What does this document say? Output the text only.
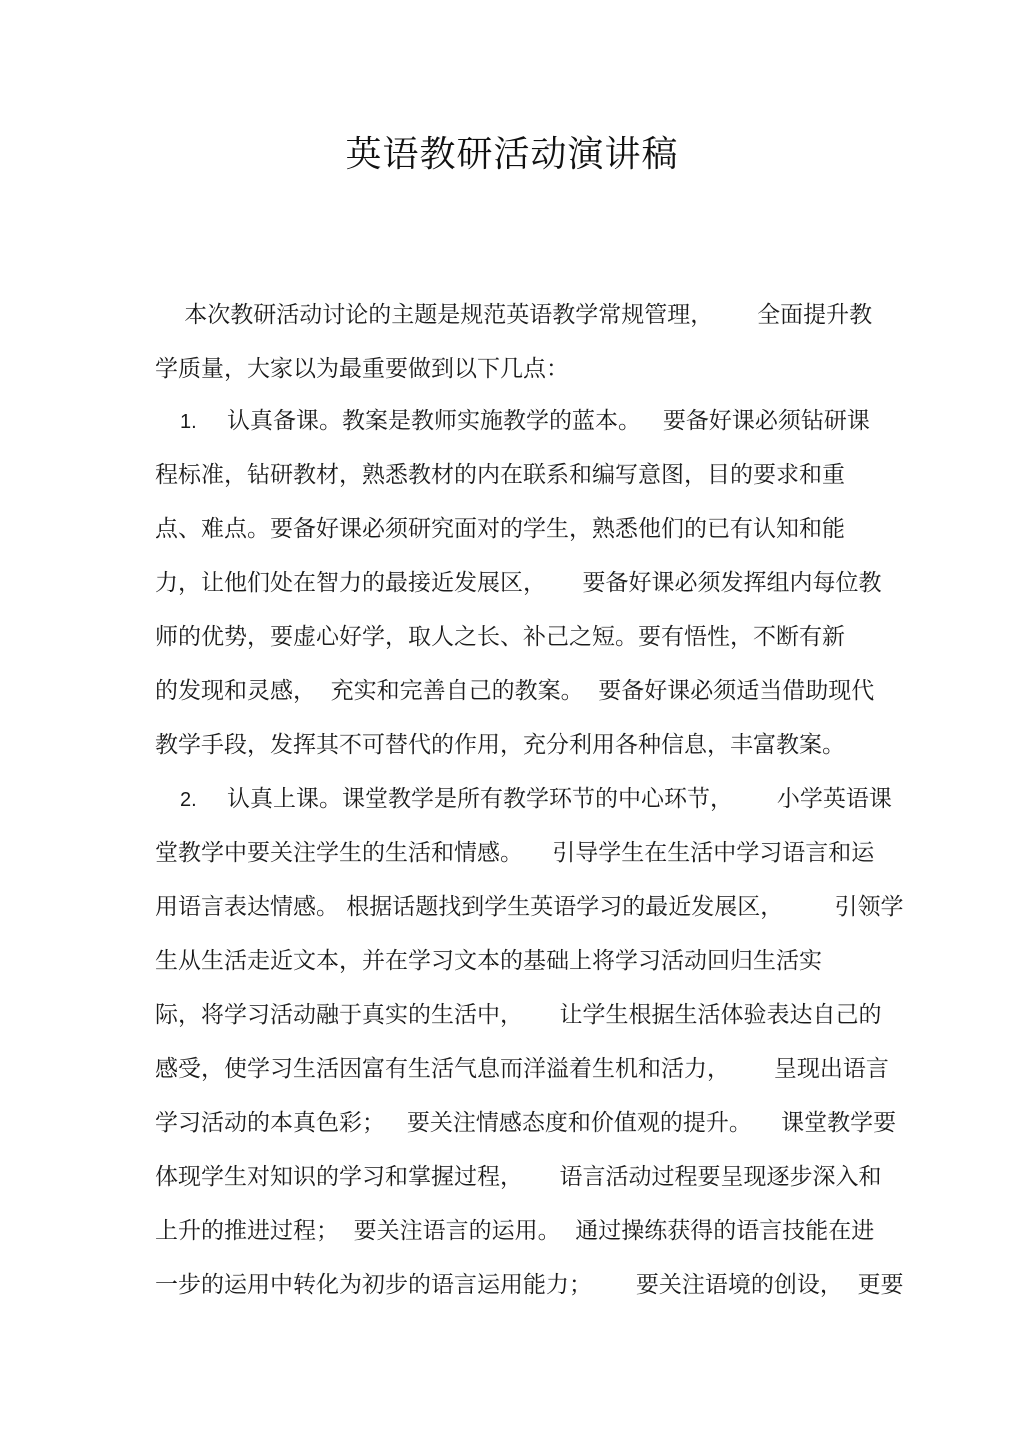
英语教研活动演讲稿
本次教研活动讨论的主题是规范英语教学常规管理，      全面提升教
学质量，大家以为最重要做到以下几点：
1. 认真备课。教案是教师实施教学的蓝本。   要备好课必须钻研课
程标准，钻研教材，熟悉教材的内在联系和编写意图，目的要求和重
点、难点。要备好课必须研究面对的学生，熟悉他们的已有认知和能
力，让他们处在智力的最接近发展区，     要备好课必须发挥组内每位教
师的优势，要虚心好学，取人之长、补己之短。要有悟性，不断有新
的发现和灵感，  充实和完善自己的教案。  要备好课必须适当借助现代
教学手段，发挥其不可替代的作用，充分利用各种信息，丰富教案。
2. 认真上课。课堂教学是所有教学环节的中心环节，      小学英语课
堂教学中要关注学生的生活和情感。    引导学生在生活中学习语言和运
用语言表达情感。 根据话题找到学生英语学习的最近发展区，       引领学
生从生活走近文本，并在学习文本的基础上将学习活动回归生活实
际，将学习活动融于真实的生活中，     让学生根据生活体验表达自己的
感受，使学习生活因富有生活气息而洋溢着生机和活力，      呈现出语言
学习活动的本真色彩；   要关注情感态度和价值观的提升。    课堂教学要
体现学生对知识的学习和掌握过程，     语言活动过程要呈现逐步深入和
上升的推进过程；  要关注语言的运用。  通过操练获得的语言技能在进
一步的运用中转化为初步的语言运用能力；      要关注语境的创设，  更要
